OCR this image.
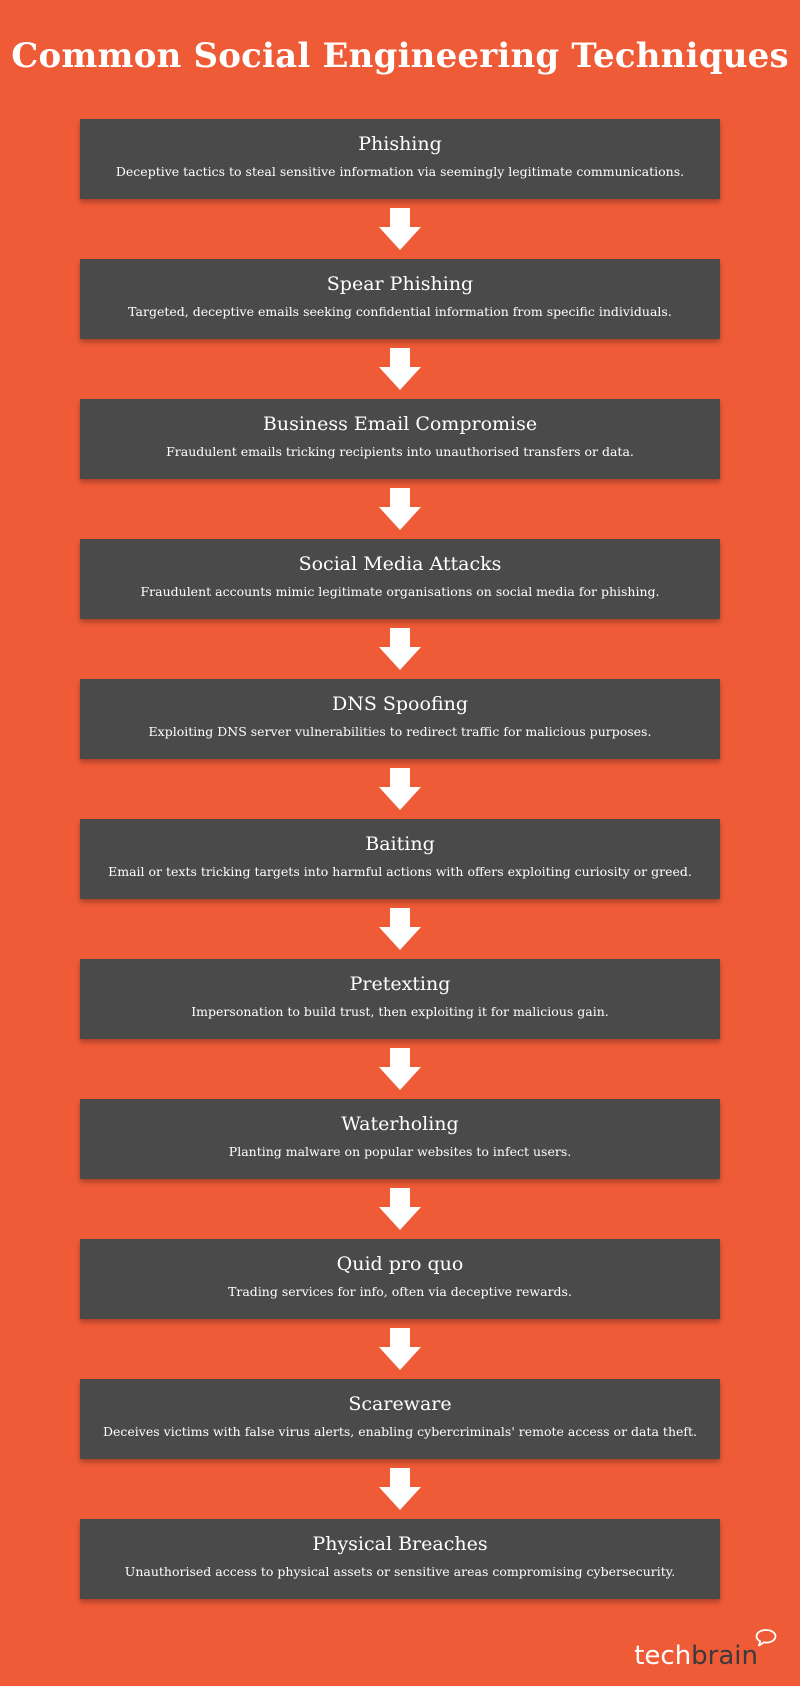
Common Social Engineering Techniques
Phishing
Deceptive tactics to steal sensitive information via seemingly legitimate communications.
Spear Phishing
Targeted, deceptive emails seeking confidential information from specific individuals.
Business Email Compromise
Fraudulent emails tricking recipients into unauthorised transfers or data.
Social Media Attacks
Fraudulent accounts mimic legitimate organisations on social media for phishing.
DNS Spoofing
Exploiting DNS server vulnerabilities to redirect traffic for malicious purposes.
Baiting
Email or texts tricking targets into harmful actions with offers exploiting curiosity or greed.
Pretexting
Impersonation to build trust, then exploiting it for malicious gain.
Waterholing
Planting malware on popular websites to infect users.
Quid pro quo
Trading services for info, often via deceptive rewards.
Scareware
Deceives victims with false virus alerts, enabling cybercriminals' remote access or data theft.
Physical Breaches
Unauthorised access to physical assets or sensitive areas compromising cybersecurity.
techbrain
